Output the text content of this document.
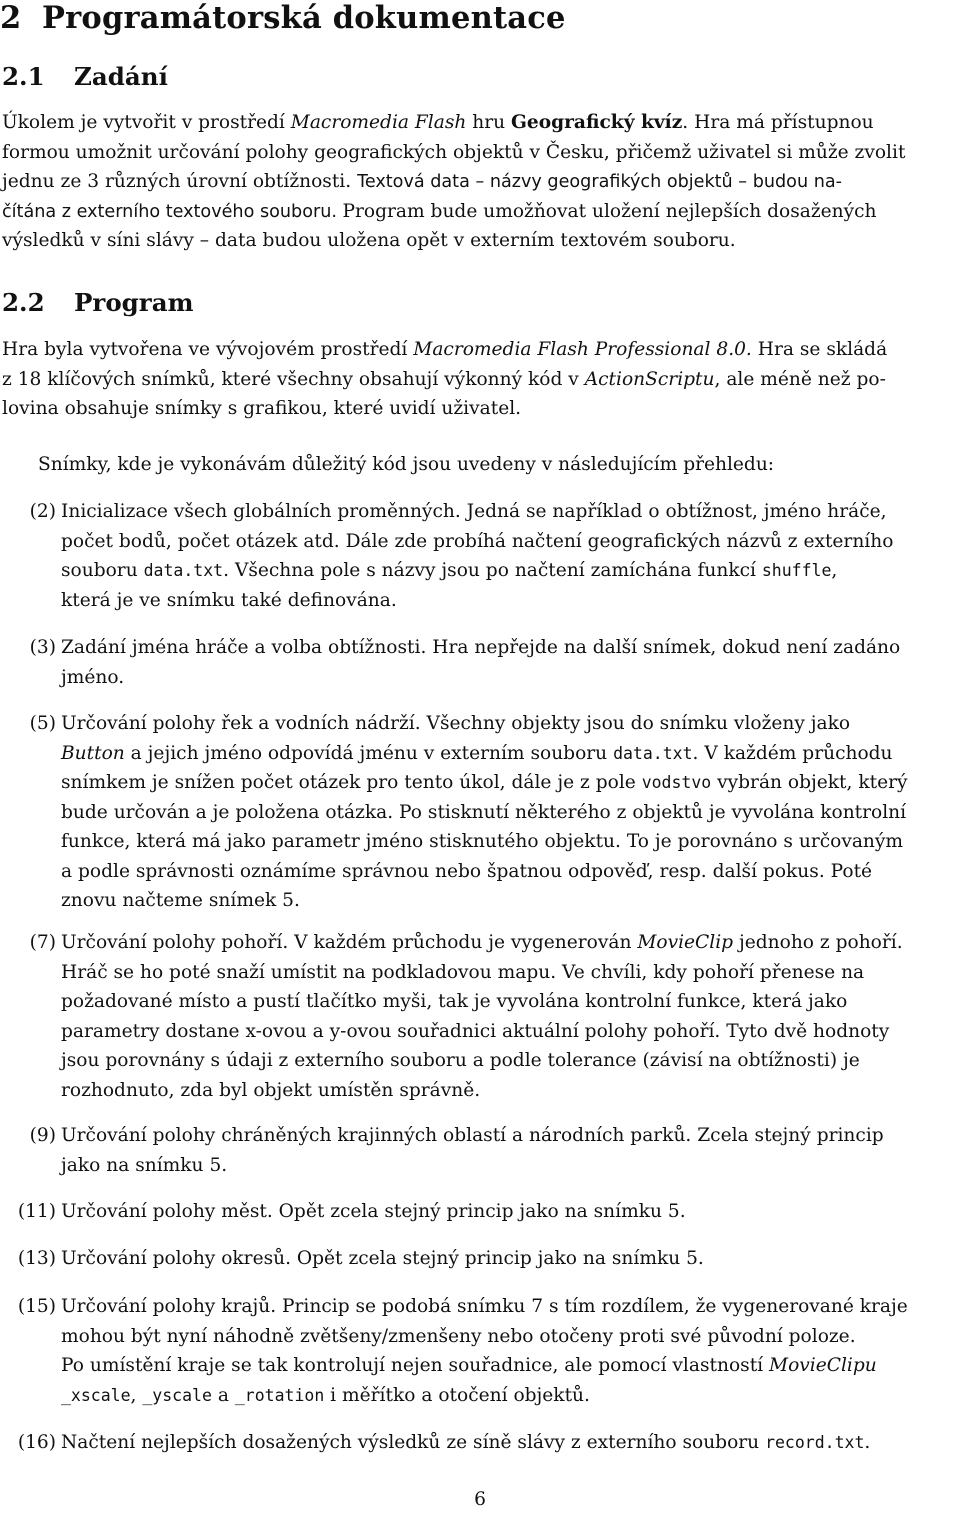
2 Programátorská dokumentace
2.1 Zadání
Úkolem je vytvořit v prostředí Macromedia Flash hru Geografický kvíz. Hra má přístupnou
formou umožnit určování polohy geografických objektů v Česku, přičemž uživatel si může zvolit
jednu ze 3 různých úrovní obtížnosti. Textová data – názvy geografikých objektů – budou na-
čítána z externího textového souboru. Program bude umožňovat uložení nejlepších dosažených
výsledků v síni slávy – data budou uložena opět v externím textovém souboru.
2.2 Program
Hra byla vytvořena ve vývojovém prostředí Macromedia Flash Professional 8.0. Hra se skládá
z 18 klíčových snímků, které všechny obsahují výkonný kód v ActionScriptu, ale méně než po-
lovina obsahuje snímky s grafikou, které uvidí uživatel.
Snímky, kde je vykonávám důležitý kód jsou uvedeny v následujícím přehledu:
(2) Inicializace všech globálních proměnných. Jedná se například o obtížnost, jméno hráče,
počet bodů, počet otázek atd. Dále zde probíhá načtení geografických názvů z externího
souboru data.txt. Všechna pole s názvy jsou po načtení zamíchána funkcí shuffle,
která je ve snímku také definována.
(3) Zadání jména hráče a volba obtížnosti. Hra nepřejde na další snímek, dokud není zadáno
jméno.
(5) Určování polohy řek a vodních nádrží. Všechny objekty jsou do snímku vloženy jako
Button a jejich jméno odpovídá jménu v externím souboru data.txt. V každém průchodu
snímkem je snížen počet otázek pro tento úkol, dále je z pole vodstvo vybrán objekt, který
bude určován a je položena otázka. Po stisknutí některého z objektů je vyvolána kontrolní
funkce, která má jako parametr jméno stisknutého objektu. To je porovnáno s určovaným
a podle správnosti oznámíme správnou nebo špatnou odpověď, resp. další pokus. Poté
znovu načteme snímek 5.
(7) Určování polohy pohoří. V každém průchodu je vygenerován MovieClip jednoho z pohoří.
Hráč se ho poté snaží umístit na podkladovou mapu. Ve chvíli, kdy pohoří přenese na
požadované místo a pustí tlačítko myši, tak je vyvolána kontrolní funkce, která jako
parametry dostane x-ovou a y-ovou souřadnici aktuální polohy pohoří. Tyto dvě hodnoty
jsou porovnány s údaji z externího souboru a podle tolerance (závisí na obtížnosti) je
rozhodnuto, zda byl objekt umístěn správně.
(9) Určování polohy chráněných krajinných oblastí a národních parků. Zcela stejný princip
jako na snímku 5.
(11) Určování polohy měst. Opět zcela stejný princip jako na snímku 5.
(13) Určování polohy okresů. Opět zcela stejný princip jako na snímku 5.
(15) Určování polohy krajů. Princip se podobá snímku 7 s tím rozdílem, že vygenerované kraje
mohou být nyní náhodně zvětšeny/zmenšeny nebo otočeny proti své původní poloze.
Po umístění kraje se tak kontrolují nejen souřadnice, ale pomocí vlastností MovieClipu
_xscale, _yscale a _rotation i měřítko a otočení objektů.
(16) Načtení nejlepších dosažených výsledků ze síně slávy z externího souboru record.txt.
6
